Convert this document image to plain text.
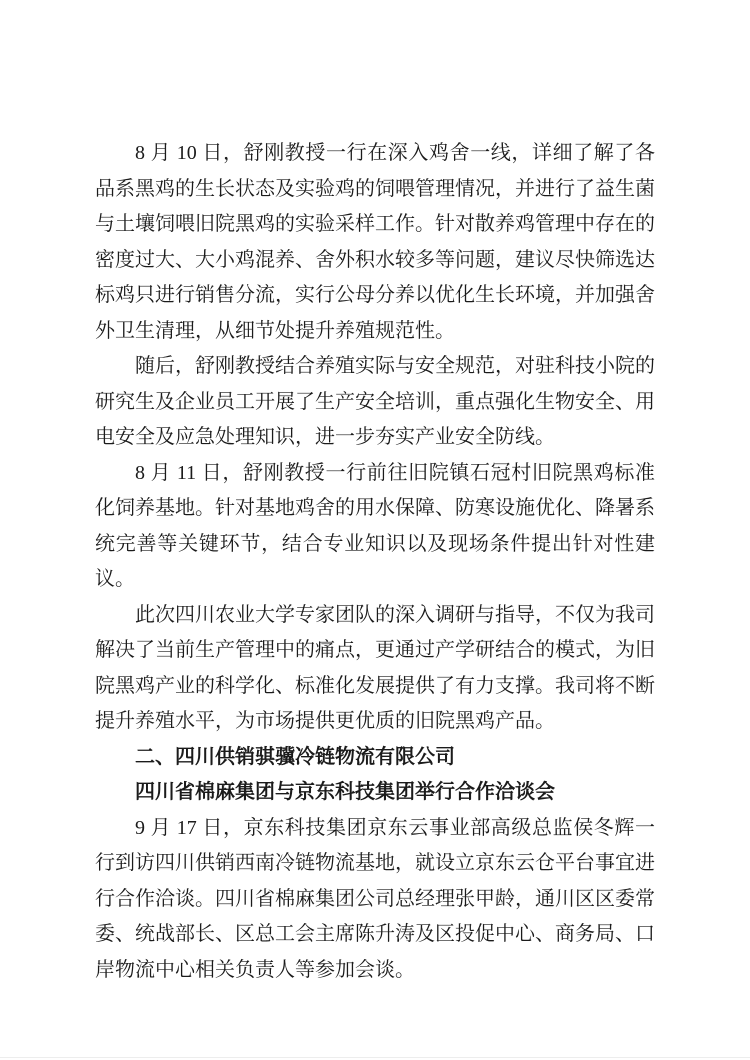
8 月 10 日，舒刚教授一行在深入鸡舍一线，详细了解了各品系黑鸡的生长状态及实验鸡的饲喂管理情况，并进行了益生菌与土壤饲喂旧院黑鸡的实验采样工作。针对散养鸡管理中存在的密度过大、大小鸡混养、舍外积水较多等问题，建议尽快筛选达标鸡只进行销售分流，实行公母分养以优化生长环境，并加强舍外卫生清理，从细节处提升养殖规范性。

随后，舒刚教授结合养殖实际与安全规范，对驻科技小院的研究生及企业员工开展了生产安全培训，重点强化生物安全、用电安全及应急处理知识，进一步夯实产业安全防线。

8 月 11 日，舒刚教授一行前往旧院镇石冠村旧院黑鸡标准化饲养基地。针对基地鸡舍的用水保障、防寒设施优化、降暑系统完善等关键环节，结合专业知识以及现场条件提出针对性建议。

此次四川农业大学专家团队的深入调研与指导，不仅为我司解决了当前生产管理中的痛点，更通过产学研结合的模式，为旧院黑鸡产业的科学化、标准化发展提供了有力支撑。我司将不断提升养殖水平，为市场提供更优质的旧院黑鸡产品。

二、四川供销骐骥冷链物流有限公司

四川省棉麻集团与京东科技集团举行合作洽谈会

9 月 17 日，京东科技集团京东云事业部高级总监侯冬辉一行到访四川供销西南冷链物流基地，就设立京东云仓平台事宜进行合作洽谈。四川省棉麻集团公司总经理张甲龄，通川区区委常委、统战部长、区总工会主席陈升涛及区投促中心、商务局、口岸物流中心相关负责人等参加会谈。
